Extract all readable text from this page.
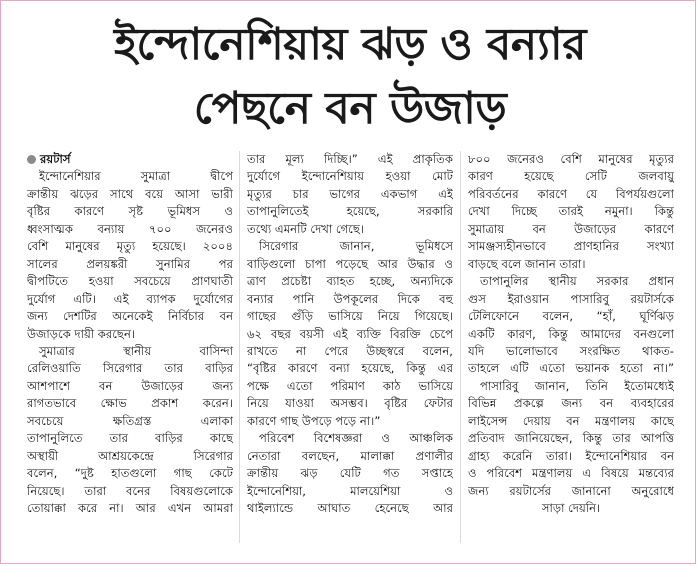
ইন্দোনেশিয়ায় ঝড় ও বন্যার
পেছনে বন উজাড়
রয়টার্স
ইন্দোনেশিয়ার সুমাত্রা দ্বীপে
ক্রান্তীয় ঝড়ের সাথে বয়ে আসা ভারী
বৃষ্টির কারণে সৃষ্ট ভূমিধস ও
ধ্বংসাত্মক বন্যায় ৭০০ জনেরও
বেশি মানুষের মৃত্যু হয়েছে। ২০০৪
সালের প্রলয়ঙ্করী সুনামির পর
দ্বীপটিতে হওয়া সবচেয়ে প্রাণঘাতী
দুর্যোগ এটি। এই ব্যাপক দুর্যোগের
জন্য দেশটির অনেকেই নির্বিচার বন
উজাড়কে দায়ী করছেন।
সুমাত্রার স্থানীয় বাসিন্দা
রেলিওয়াতি সিরেগার তার বাড়ির
আশপাশে বন উজাড়ের জন্য
রাগতভাবে ক্ষোভ প্রকাশ করেন।
সবচেয়ে ক্ষতিগ্রস্ত এলাকা
তাপানুলিতে তার বাড়ির কাছে
অস্থায়ী আশ্রয়কেন্দ্রে সিরেগার
বলেন, “দুষ্ট হাতগুলো গাছ কেটে
নিয়েছে। তারা বনের বিষয়গুলোকে
তোয়াক্কা করে না। আর এখন আমরা
তার মূল্য দিচ্ছি।” এই প্রাকৃতিক
দুর্যোগে ইন্দোনেশিয়ায় হওয়া মোট
মৃত্যুর চার ভাগের একভাগ এই
তাপানুলিতেই হয়েছে, সরকারি
তথ্যে এমনটি দেখা গেছে।
সিরেগার জানান, ভূমিধসে
বাড়িগুলো চাপা পড়েছে আর উদ্ধার ও
ত্রাণ প্রচেষ্টা ব্যাহত হচ্ছে, অন্যদিকে
বন্যার পানি উপকূলের দিকে বহু
গাছের গুঁড়ি ভাসিয়ে নিয়ে গিয়েছে।
৬২ বছর বয়সী এই ব্যক্তি বিরক্তি চেপে
রাখতে না পেরে উচ্ছস্বরে বলেন,
“বৃষ্টির কারণে বন্যা হয়েছে, কিন্তু এর
পক্ষে এতো পরিমাণ কাঠ ভাসিয়ে
নিয়ে যাওয়া অসম্ভব। বৃষ্টির ফেটার
কারণে গাছ উপড়ে পড়ে না।”
পরিবেশ বিশেষজ্ঞরা ও আঞ্চলিক
নেতারা বলছেন, মালাক্কা প্রণালীর
ক্রান্তীয় ঝড় যেটি গত সপ্তাহে
ইন্দোনেশিয়া, মালয়েশিয়া ও
থাইল্যান্ডে আঘাত হেনেছে আর
৮০০ জনেরও বেশি মানুষের মৃত্যুর
কারণ হয়েছে সেটি জলবায়ু
পরিবর্তনের কারণে যে বিপর্যয়গুলো
দেখা দিচ্ছে তারই নমুনা। কিন্তু
সুমাত্রায় বন উজাড়ের কারণে
সামঞ্জস্যহীনভাবে প্রাণহানির সংখ্যা
বাড়ছে বলে জানান তারা।
তাপানুলির স্থানীয় সরকার প্রধান
গুস ইরাওয়ান পাসারিবু রয়টার্সকে
টেলিফোনে বলেন, “হাঁ, ঘূর্ণিঝড়
একটি কারণ, কিন্তু আমাদের বনগুলো
যদি ভালোভাবে সংরক্ষিত থাকত-
তাহলে এটি এতো ভয়ানক হতো না।”
পাসারিবু জানান, তিনি ইতোমধ্যেই
বিভিন্ন প্রকল্পে জন্য বন ব্যবহারের
লাইসেন্স দেয়ায় বন মন্ত্রণালয় কাছে
প্রতিবাদ জানিয়েছেন, কিন্তু তার আপত্তি
গ্রাহ্য করেনি তারা। ইন্দোনেশিয়ার বন
ও পরিবেশ মন্ত্রণালয় এ বিষয়ে মন্তব্যের
জন্য রয়টার্সের জানানো অনুরোধে
সাড়া দেয়নি।
